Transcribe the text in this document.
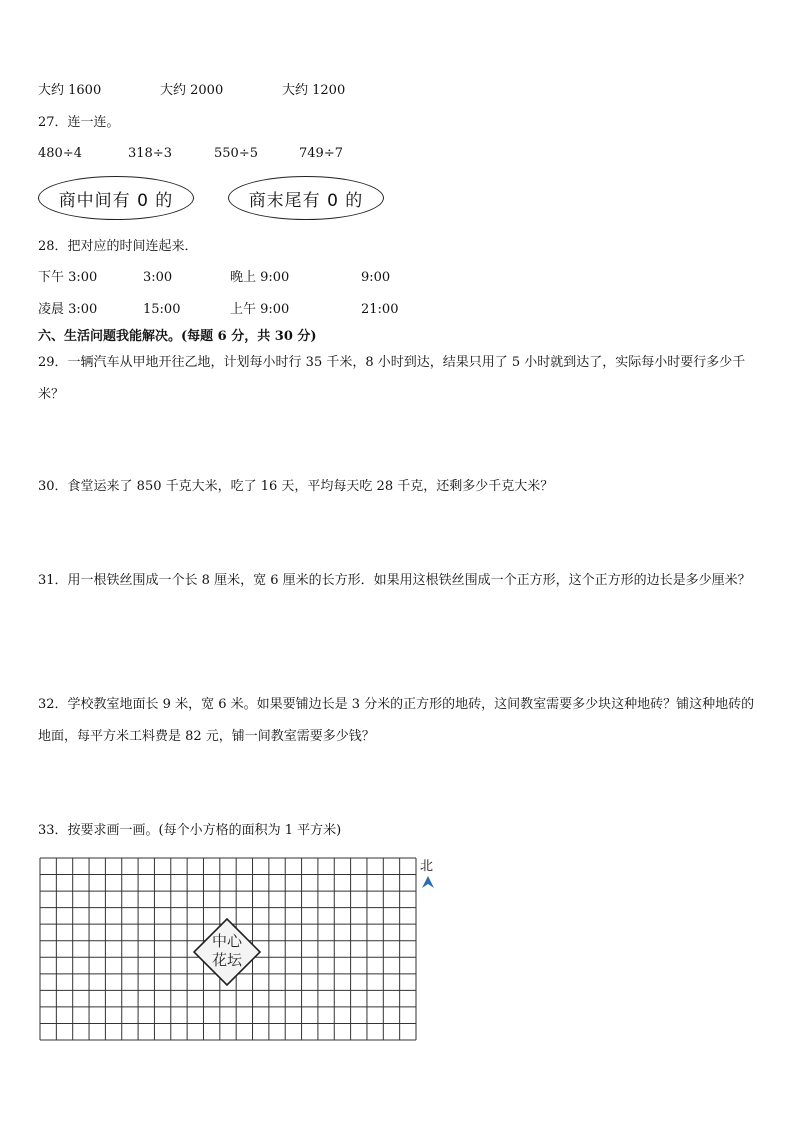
大约 1600	大约 2000	大约 1200
27．连一连。
480÷4	318÷3	550÷5	749÷7
商中间有 0 的	商末尾有 0 的
28．把对应的时间连起来．
下午 3:00	3:00	晚上 9:00	9:00
凌晨 3:00	15:00	上午 9:00	21:00
六、生活问题我能解决。(每题 6 分，共 30 分)
29．一辆汽车从甲地开往乙地，计划每小时行 35 千米，8 小时到达，结果只用了 5 小时就到达了，实际每小时要行多少千米？
30．食堂运来了 850 千克大米，吃了 16 天，平均每天吃 28 千克，还剩多少千克大米？
31．用一根铁丝围成一个长 8 厘米，宽 6 厘米的长方形．如果用这根铁丝围成一个正方形，这个正方形的边长是多少厘米？
32．学校教室地面长 9 米，宽 6 米。如果要铺边长是 3 分米的正方形的地砖，这间教室需要多少块这种地砖？铺这种地砖的地面，每平方米工料费是 82 元，铺一间教室需要多少钱？
33．按要求画一画。(每个小方格的面积为 1 平方米)
中心
花坛
北
